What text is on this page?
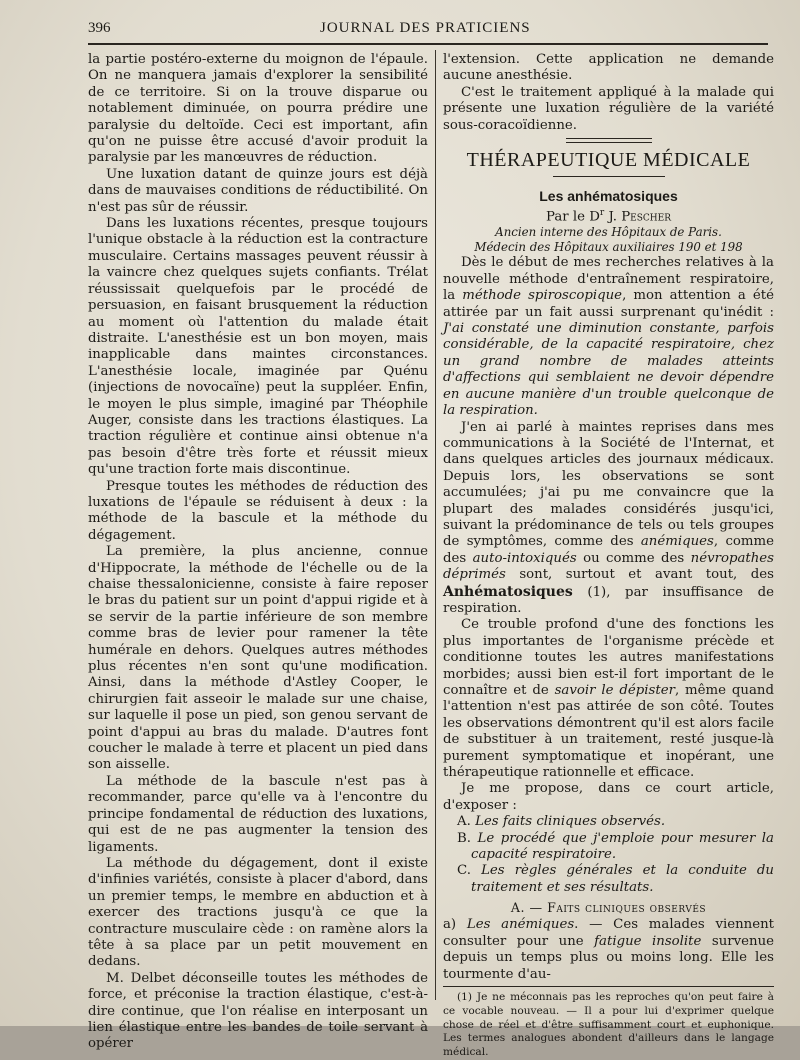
396	JOURNAL DES PRATICIENS

la partie postéro-externe du moignon de l'épaule. On ne manquera jamais d'explorer la sensibilité de ce territoire. Si on la trouve disparue ou notablement diminuée, on pourra prédire une paralysie du deltoïde. Ceci est important, afin qu'on ne puisse être accusé d'avoir produit la paralysie par les manœuvres de réduction.

Une luxation datant de quinze jours est déjà dans de mauvaises conditions de réductibilité. On n'est pas sûr de réussir.

Dans les luxations récentes, presque toujours l'unique obstacle à la réduction est la contracture musculaire. Certains massages peuvent réussir à la vaincre chez quelques sujets confiants. Trélat réussissait quelquefois par le procédé de persuasion, en faisant brusquement la réduction au moment où l'attention du malade était distraite. L'anesthésie est un bon moyen, mais inapplicable dans maintes circonstances. L'anesthésie locale, imaginée par Quénu (injections de novocaïne) peut la suppléer. Enfin, le moyen le plus simple, imaginé par Théophile Auger, consiste dans les tractions élastiques. La traction régulière et continue ainsi obtenue n'a pas besoin d'être très forte et réussit mieux qu'une traction forte mais discontinue.

Presque toutes les méthodes de réduction des luxations de l'épaule se réduisent à deux : la méthode de la bascule et la méthode du dégagement.

La première, la plus ancienne, connue d'Hippocrate, la méthode de l'échelle ou de la chaise thessalonicienne, consiste à faire reposer le bras du patient sur un point d'appui rigide et à se servir de la partie inférieure de son membre comme bras de levier pour ramener la tête humérale en dehors. Quelques autres méthodes plus récentes n'en sont qu'une modification. Ainsi, dans la méthode d'Astley Cooper, le chirurgien fait asseoir le malade sur une chaise, sur laquelle il pose un pied, son genou servant de point d'appui au bras du malade. D'autres font coucher le malade à terre et placent un pied dans son aisselle.

La méthode de la bascule n'est pas à recommander, parce qu'elle va à l'encontre du principe fondamental de réduction des luxations, qui est de ne pas augmenter la tension des ligaments.

La méthode du dégagement, dont il existe d'infinies variétés, consiste à placer d'abord, dans un premier temps, le membre en abduction et à exercer des tractions jusqu'à ce que la contracture musculaire cède : on ramène alors la tête à sa place par un petit mouvement en dedans.

M. Delbet déconseille toutes les méthodes de force, et préconise la traction élastique, c'est-à-dire continue, que l'on réalise en interposant un lien élastique entre les bandes de toile servant à opérer

l'extension. Cette application ne demande aucune anesthésie.

C'est le traitement appliqué à la malade qui présente une luxation régulière de la variété sous-coracoïdienne.

THÉRAPEUTIQUE MÉDICALE
Les anhématosiques
Par le $D^r$ J. Pescher
Ancien interne des Hôpitaux de Paris.
Médecin des Hôpitaux auxiliaires 190 et 198

Dès le début de mes recherches relatives à la nouvelle méthode d'entraînement respiratoire, la méthode spiroscopique, mon attention a été attirée par un fait aussi surprenant qu'inédit : J'ai constaté une diminution constante, parfois considérable, de la capacité respiratoire, chez un grand nombre de malades atteints d'affections qui semblaient ne devoir dépendre en aucune manière d'un trouble quelconque de la respiration.

J'en ai parlé à maintes reprises dans mes communications à la Société de l'Internat, et dans quelques articles des journaux médicaux. Depuis lors, les observations se sont accumulées; j'ai pu me convaincre que la plupart des malades considérés jusqu'ici, suivant la prédominance de tels ou tels groupes de symptômes, comme des anémiques, comme des auto-intoxiqués ou comme des névropathes déprimés sont, surtout et avant tout, des Anhématosiques (1), par insuffisance de respiration.

Ce trouble profond d'une des fonctions les plus importantes de l'organisme précède et conditionne toutes les autres manifestations morbides; aussi bien est-il fort important de le connaître et de savoir le dépister, même quand l'attention n'est pas attirée de son côté. Toutes les observations démontrent qu'il est alors facile de substituer à un traitement, resté jusque-là purement symptomatique et inopérant, une thérapeutique rationnelle et efficace.

Je me propose, dans ce court article, d'exposer :

A. Les faits cliniques observés.

B. Le procédé que j'emploie pour mesurer la capacité respiratoire.

C. Les règles générales et la conduite du traitement et ses résultats.

A. — Faits cliniques observés

a) Les anémiques. — Ces malades viennent consulter pour une fatigue insolite survenue depuis un temps plus ou moins long. Elle les tourmente d'au-

(1) Je ne méconnais pas les reproches qu'on peut faire à ce vocable nouveau. — Il a pour lui d'exprimer quelque chose de réel et d'être suffisamment court et euphonique. Les termes analogues abondent d'ailleurs dans le langage médical.
